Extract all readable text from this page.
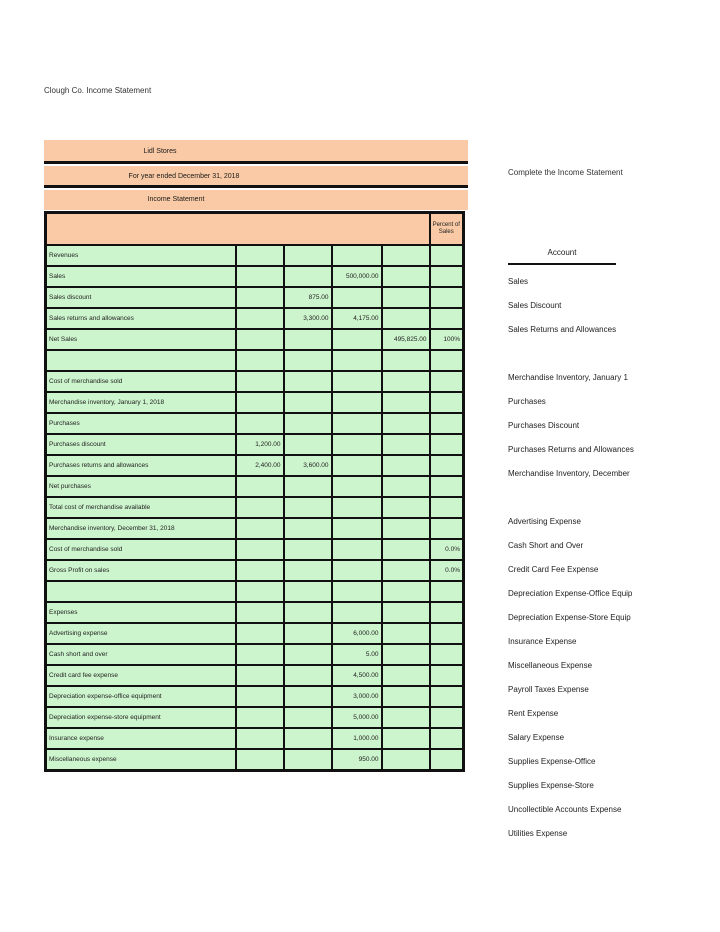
Clough Co. Income Statement
Lidl Stores
For year ended December 31, 2018
Income Statement
					Percent of Sales
Revenues					
Sales			500,000.00		
Sales discount		875.00			
Sales returns and allowances		3,300.00	4,175.00		
Net Sales				495,825.00	100%

Cost of merchandise sold					
Merchandise inventory, January 1, 2018					
Purchases					
Purchases discount	1,200.00				
Purchases returns and allowances	2,400.00	3,600.00			
Net purchases					
Total cost of merchandise available					
Merchandise inventory, December 31, 2018					
Cost of merchandise sold					0.0%
Gross Profit on sales					0.0%

Expenses					
Advertising expense			6,000.00		
Cash short and over			5.00		
Credit card fee expense			4,500.00		
Depreciation expense-office equipment			3,000.00		
Depreciation expense-store equipment			5,000.00		
Insurance expense			1,000.00		
Miscellaneous expense			950.00		
Complete the Income Statement
Account
Sales
Sales Discount
Sales Returns and Allowances
Merchandise Inventory, January 1
Purchases
Purchases Discount
Purchases Returns and Allowances
Merchandise Inventory, December
Advertising Expense
Cash Short and Over
Credit Card Fee Expense
Depreciation Expense-Office Equip
Depreciation Expense-Store Equip
Insurance Expense
Miscellaneous Expense
Payroll Taxes Expense
Rent Expense
Salary Expense
Supplies Expense-Office
Supplies Expense-Store
Uncollectible Accounts Expense
Utilities Expense
